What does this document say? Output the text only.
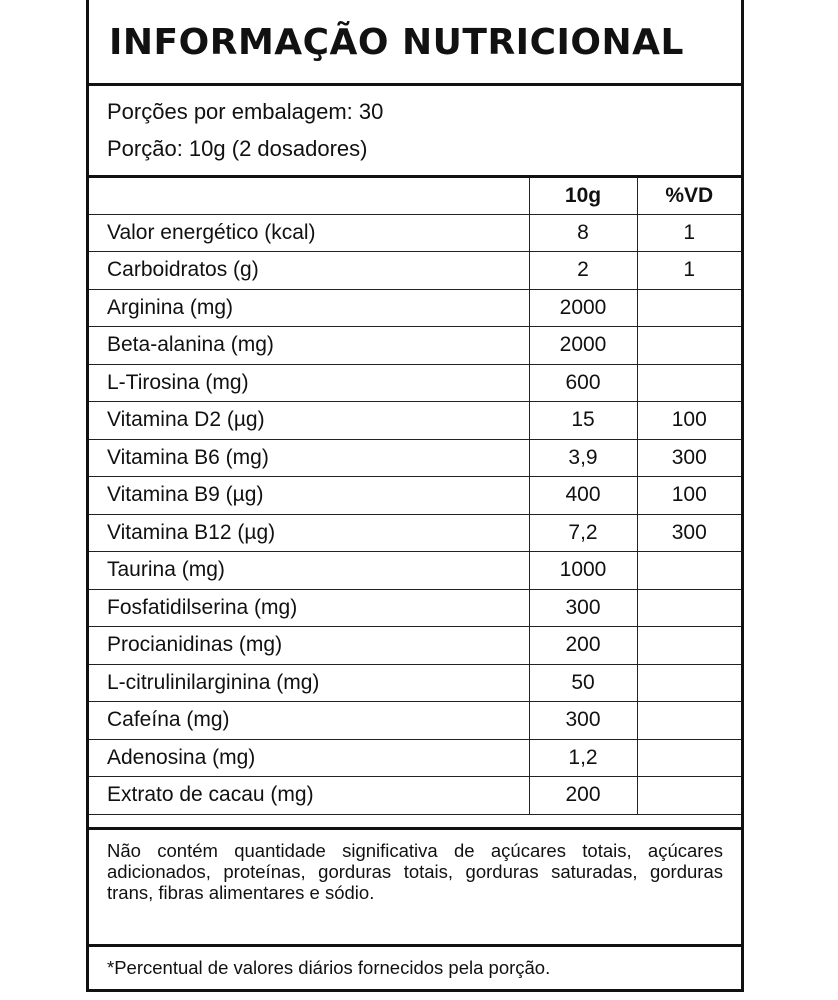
INFORMAÇÃO NUTRICIONAL
Porções por embalagem: 30
Porção: 10g (2 dosadores)
	10g	%VD
Valor energético (kcal)	8	1
Carboidratos (g)	2	1
Arginina (mg)	2000	
Beta-alanina (mg)	2000	
L-Tirosina (mg)	600	
Vitamina D2 (µg)	15	100
Vitamina B6 (mg)	3,9	300
Vitamina B9 (µg)	400	100
Vitamina B12 (µg)	7,2	300
Taurina (mg)	1000	
Fosfatidilserina (mg)	300	
Procianidinas (mg)	200	
L-citrulinilarginina (mg)	50	
Cafeína (mg)	300	
Adenosina (mg)	1,2	
Extrato de cacau (mg)	200	
Não contém quantidade significativa de açúcares totais, açúcares adicionados, proteínas, gorduras totais, gorduras saturadas, gorduras trans, fibras alimentares e sódio.
*Percentual de valores diários fornecidos pela porção.
